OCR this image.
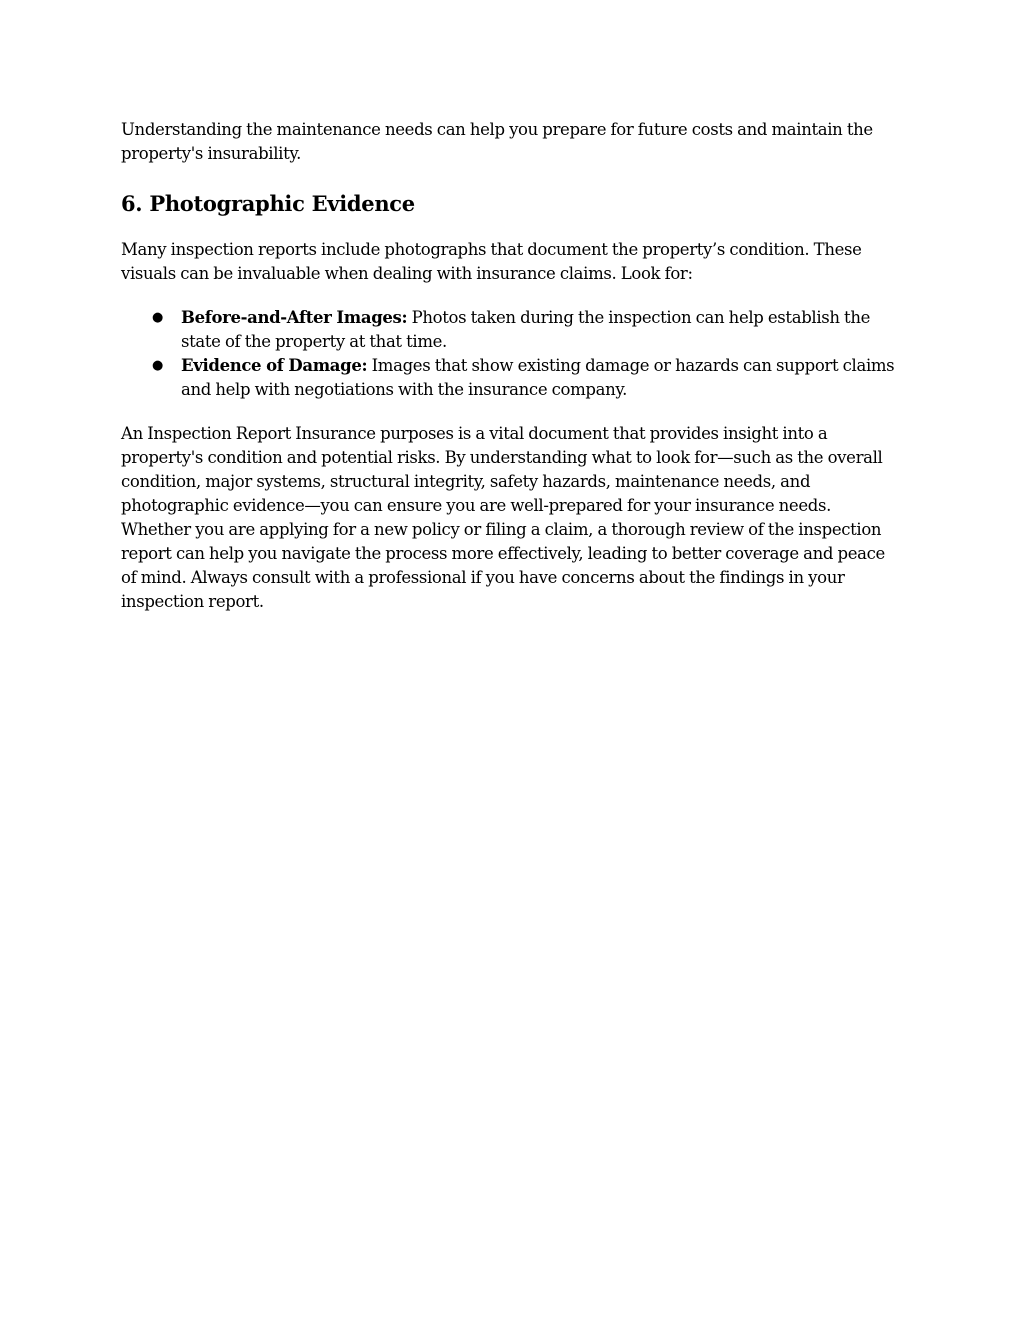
Understanding the maintenance needs can help you prepare for future costs and maintain the property's insurability.

6. Photographic Evidence

Many inspection reports include photographs that document the property’s condition. These visuals can be invaluable when dealing with insurance claims. Look for:

● Before-and-After Images: Photos taken during the inspection can help establish the state of the property at that time.
● Evidence of Damage: Images that show existing damage or hazards can support claims and help with negotiations with the insurance company.

An Inspection Report Insurance purposes is a vital document that provides insight into a property's condition and potential risks. By understanding what to look for—such as the overall condition, major systems, structural integrity, safety hazards, maintenance needs, and photographic evidence—you can ensure you are well-prepared for your insurance needs. Whether you are applying for a new policy or filing a claim, a thorough review of the inspection report can help you navigate the process more effectively, leading to better coverage and peace of mind. Always consult with a professional if you have concerns about the findings in your inspection report.
